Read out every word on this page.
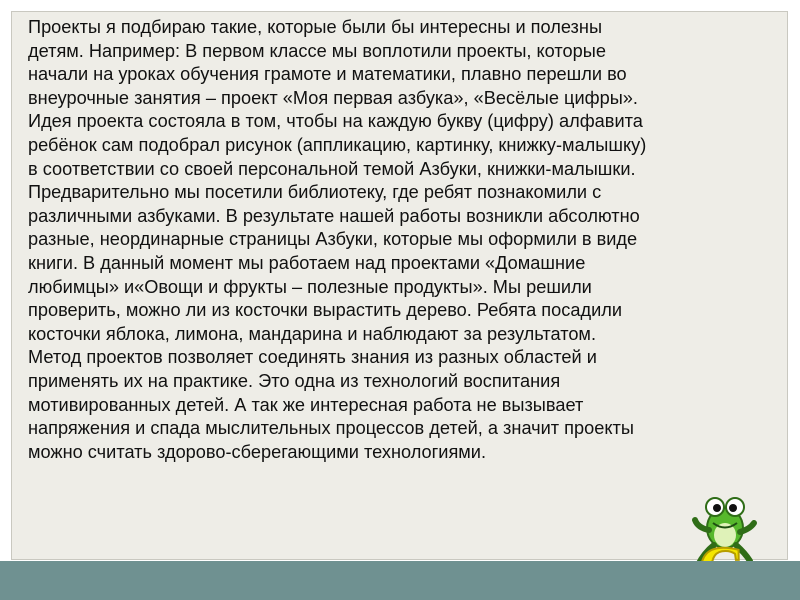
Проекты я подбираю такие, которые были бы интересны и полезны
детям. Например: В первом классе мы воплотили проекты, которые
начали на уроках обучения грамоте и математики, плавно перешли во
внеурочные занятия – проект «Моя первая азбука», «Весёлые цифры».
Идея проекта состояла в том, чтобы на каждую букву (цифру) алфавита
ребёнок сам подобрал рисунок (аппликацию, картинку, книжку-малышку)
в соответствии со своей персональной темой Азбуки, книжки-малышки.
Предварительно мы посетили библиотеку, где ребят познакомили с
различными азбуками. В результате нашей работы возникли абсолютно
разные, неординарные страницы Азбуки, которые мы оформили в виде
книги. В данный момент мы работаем над проектами «Домашние
любимцы» и«Овощи и фрукты – полезные продукты». Мы решили
проверить, можно ли из косточки вырастить дерево. Ребята посадили
косточки яблока, лимона, мандарина и наблюдают за результатом.
Метод проектов позволяет соединять знания из разных областей и
применять их на практике. Это одна из технологий воспитания
мотивированных детей. А так же интересная работа не вызывает
напряжения и спада мыслительных процессов детей, а значит проекты
можно считать здорово-сберегающими технологиями.
